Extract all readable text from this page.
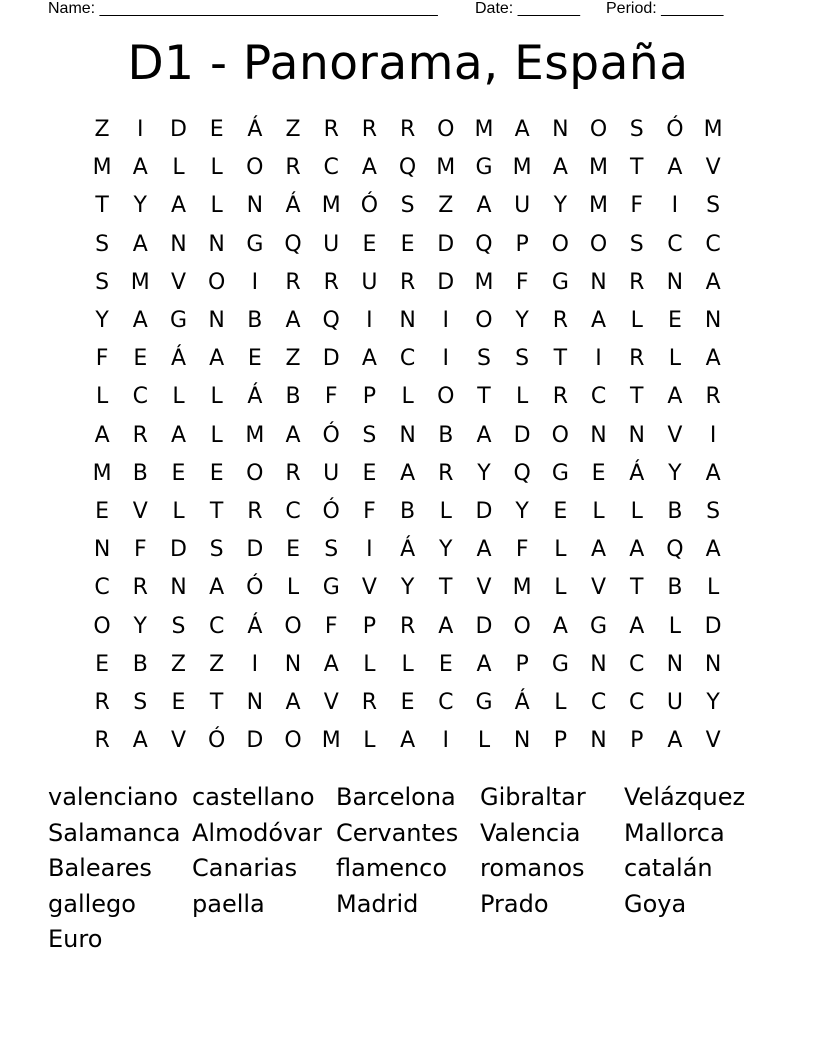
Name: ______________________________________ Date: _______ Period: _______
D1 - Panorama, España
Z	I	D	E	Á	Z	R	R	R O M A	N O	S	Ó M
M A	L	L	O R	C	A Q M G M A M T	A	V
T	Y	A	L	N	Á M Ó	S	Z	A	U	Y M	F	I	S
S	A	N N G Q U	E	E	D Q	P	O O	S	C	C
S M V O	I	R	R	U	R	D M	F	G N	R	N	A
Y	A	G N	B	A Q	I	N	I	O	Y	R	A	L	E	N
F	E	Á	A	E	Z	D	A	C	I	S	S	T	I	R	L	A
L	C	L	L	Á	B	F	P	L	O	T	L	R	C	T	A	R
A	R	A	L	M A Ó	S	N	B	A	D O N N	V	I
M B	E	E	O R	U	E	A	R	Y	Q G	E	Á	Y	A
E	V	L	T	R	C Ó	F	B	L	D	Y	E	L	L	B	S
N	F	D	S	D	E	S	I	Á	Y	A	F	L	A	A Q	A
C	R	N	A Ó	L	G	V	Y	T	V M	L	V	T	B	L
O	Y	S	C	Á O	F	P	R	A	D O	A	G	A	L	D
E	B	Z	Z	I	N	A	L	L	E	A	P	G N	C	N N
R	S	E	T	N	A	V	R	E	C G	Á	L	C	C	U	Y
R	A	V Ó D O M	L	A	I	L	N	P	N	P	A	V
valenciano castellano Barcelona	Gibraltar	Velázquez
Salamanca Almodóvar Cervantes Valencia	Mallorca
Baleares	Canarias	flamenco	romanos	catalán
gallego	paella	Madrid	Prado	Goya
Euro
